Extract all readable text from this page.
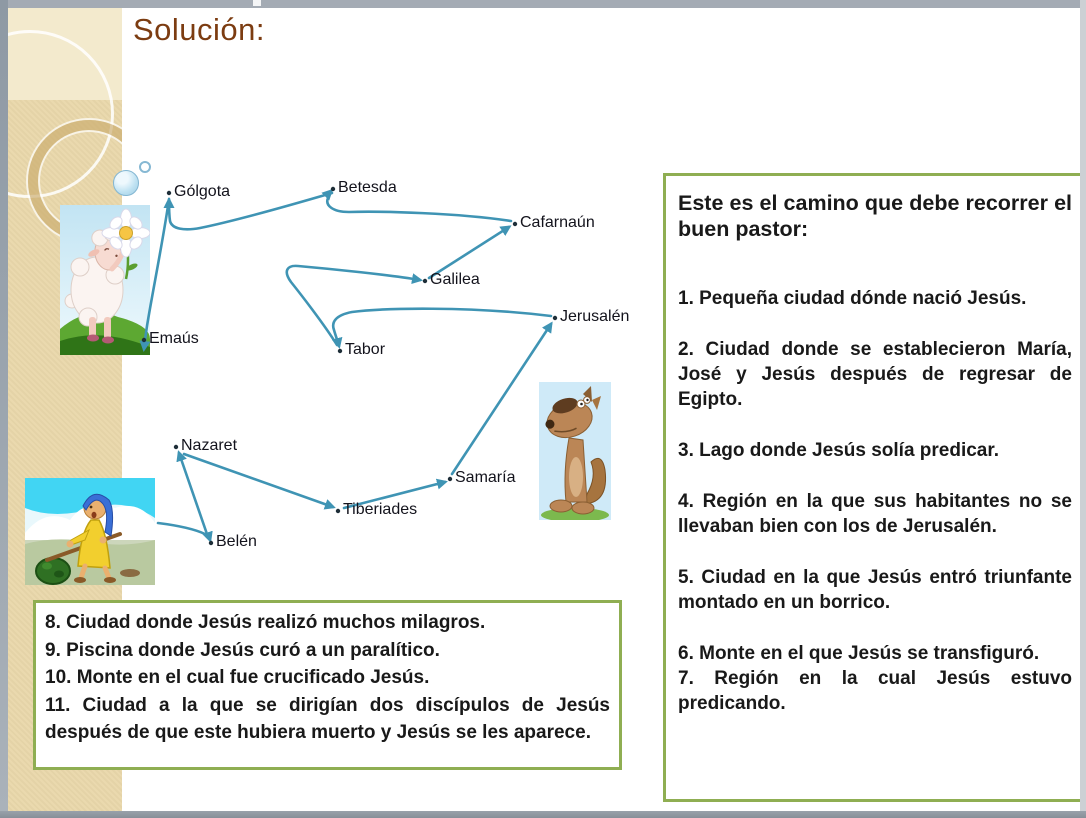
Solución:
Gólgota	Betesda
Cafarnaún
Galilea
Jerusalén
Emaús
Tabor
Nazaret
Samaría
Tiberiades
Belén

Este es el camino que debe recorrer el buen pastor:

1. Pequeña ciudad dónde nació Jesús.

2. Ciudad donde se establecieron María, José y Jesús después de regresar de Egipto.

3. Lago donde Jesús solía predicar.

4. Región en la que sus habitantes no se llevaban bien con los de Jerusalén.

5. Ciudad en la que Jesús entró triunfante montado en un borrico.

6. Monte en el que Jesús se transfiguró.

7. Región en la cual Jesús estuvo predicando.

8. Ciudad donde Jesús realizó muchos milagros.

9. Piscina donde Jesús curó a un paralítico.

10. Monte en el cual fue crucificado Jesús.

11. Ciudad a la que se dirigían dos discípulos de Jesús después de que este hubiera muerto y Jesús se les aparece.
